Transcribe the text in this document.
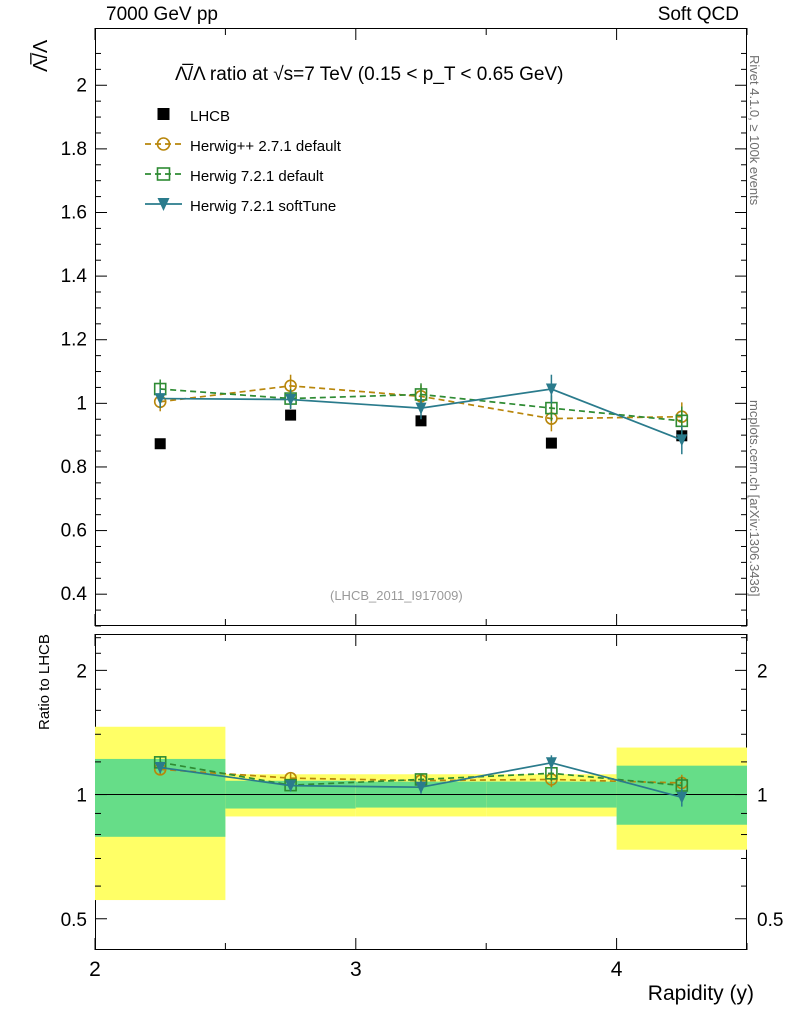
7000 GeV pp	Soft QCD
Rivet 4.1.0, ≥ 100k events
mcplots.cern.ch [arXiv:1306.3436]
Λ̅/Λ
Λ̅/Λ ratio at √s=7 TeV (0.15 < p_T < 0.65 GeV)
(LHCB_2011_I917009)
Ratio to LHCB
Rapidity (y)
0.4
0.6
0.8
1
1.2
1.4
1.6
1.8
2
0.5	0.5
1	1
2	2
2	3	4
LHCB
Herwig++ 2.7.1 default
Herwig 7.2.1 default
Herwig 7.2.1 softTune
